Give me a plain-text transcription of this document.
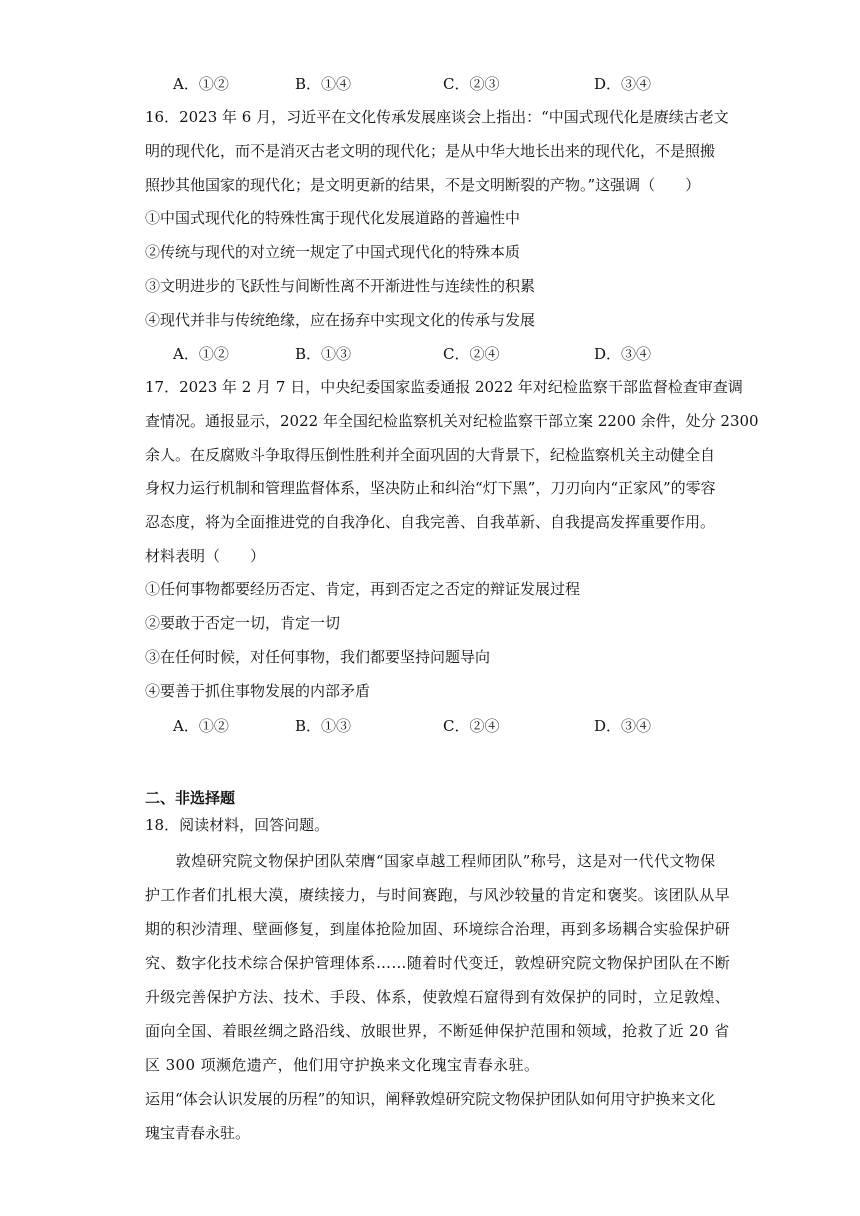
A．①②	B．①④	C．②③	D．③④
16．2023 年 6 月，习近平在文化传承发展座谈会上指出：“中国式现代化是赓续古老文
明的现代化，而不是消灭古老文明的现代化；是从中华大地长出来的现代化，不是照搬
照抄其他国家的现代化；是文明更新的结果，不是文明断裂的产物。”这强调（　　）
①中国式现代化的特殊性寓于现代化发展道路的普遍性中
②传统与现代的对立统一规定了中国式现代化的特殊本质
③文明进步的飞跃性与间断性离不开渐进性与连续性的积累
④现代并非与传统绝缘，应在扬弃中实现文化的传承与发展
A．①②	B．①③	C．②④	D．③④
17．2023 年 2 月 7 日，中央纪委国家监委通报 2022 年对纪检监察干部监督检查审查调
查情况。通报显示，2022 年全国纪检监察机关对纪检监察干部立案 2200 余件，处分 2300
余人。在反腐败斗争取得压倒性胜利并全面巩固的大背景下，纪检监察机关主动健全自
身权力运行机制和管理监督体系，坚决防止和纠治“灯下黑”，刀刃向内“正家风”的零容
忍态度，将为全面推进党的自我净化、自我完善、自我革新、自我提高发挥重要作用。
材料表明（　　）
①任何事物都要经历否定、肯定，再到否定之否定的辩证发展过程
②要敢于否定一切，肯定一切
③在任何时候，对任何事物，我们都要坚持问题导向
④要善于抓住事物发展的内部矛盾
A．①②	B．①③	C．②④	D．③④
二、非选择题
18．阅读材料，回答问题。
　　敦煌研究院文物保护团队荣膺“国家卓越工程师团队”称号，这是对一代代文物保
护工作者们扎根大漠，赓续接力，与时间赛跑，与风沙较量的肯定和褒奖。该团队从早
期的积沙清理、壁画修复，到崖体抢险加固、环境综合治理，再到多场耦合实验保护研
究、数字化技术综合保护管理体系……随着时代变迁，敦煌研究院文物保护团队在不断
升级完善保护方法、技术、手段、体系，使敦煌石窟得到有效保护的同时，立足敦煌、
面向全国、着眼丝绸之路沿线、放眼世界，不断延伸保护范围和领域，抢救了近 20 省
区 300 项濒危遗产，他们用守护换来文化瑰宝青春永驻。
运用“体会认识发展的历程”的知识，阐释敦煌研究院文物保护团队如何用守护换来文化
瑰宝青春永驻。
